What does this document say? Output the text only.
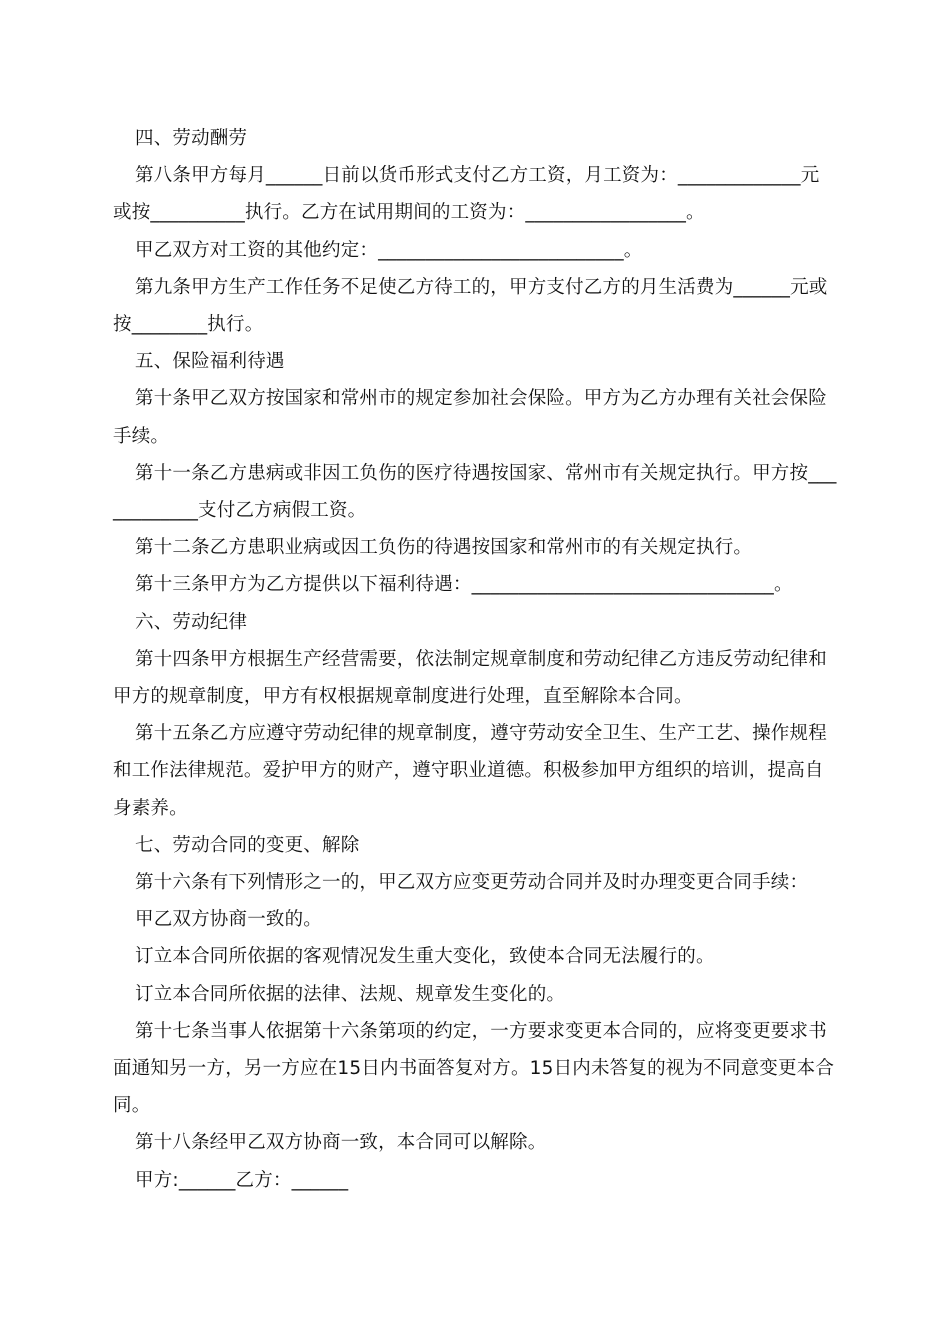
四、劳动酬劳

第八条甲方每月______日前以货币形式支付乙方工资，月工资为：_____________元或按__________执行。乙方在试用期间的工资为：_________________。

甲乙双方对工资的其他约定：__________________________。

第九条甲方生产工作任务不足使乙方待工的，甲方支付乙方的月生活费为______元或按________执行。

五、保险福利待遇

第十条甲乙双方按国家和常州市的规定参加社会保险。甲方为乙方办理有关社会保险手续。

第十一条乙方患病或非因工负伤的医疗待遇按国家、常州市有关规定执行。甲方按____________支付乙方病假工资。

第十二条乙方患职业病或因工负伤的待遇按国家和常州市的有关规定执行。

第十三条甲方为乙方提供以下福利待遇：________________________________。

六、劳动纪律

第十四条甲方根据生产经营需要，依法制定规章制度和劳动纪律乙方违反劳动纪律和甲方的规章制度，甲方有权根据规章制度进行处理，直至解除本合同。

第十五条乙方应遵守劳动纪律的规章制度，遵守劳动安全卫生、生产工艺、操作规程和工作法律规范。爱护甲方的财产，遵守职业道德。积极参加甲方组织的培训，提高自身素养。

七、劳动合同的变更、解除

第十六条有下列情形之一的，甲乙双方应变更劳动合同并及时办理变更合同手续：

甲乙双方协商一致的。

订立本合同所依据的客观情况发生重大变化，致使本合同无法履行的。

订立本合同所依据的法律、法规、规章发生变化的。

第十七条当事人依据第十六条第项的约定，一方要求变更本合同的，应将变更要求书面通知另一方，另一方应在15日内书面答复对方。15日内未答复的视为不同意变更本合同。

第十八条经甲乙双方协商一致，本合同可以解除。

甲方:______乙方：______
